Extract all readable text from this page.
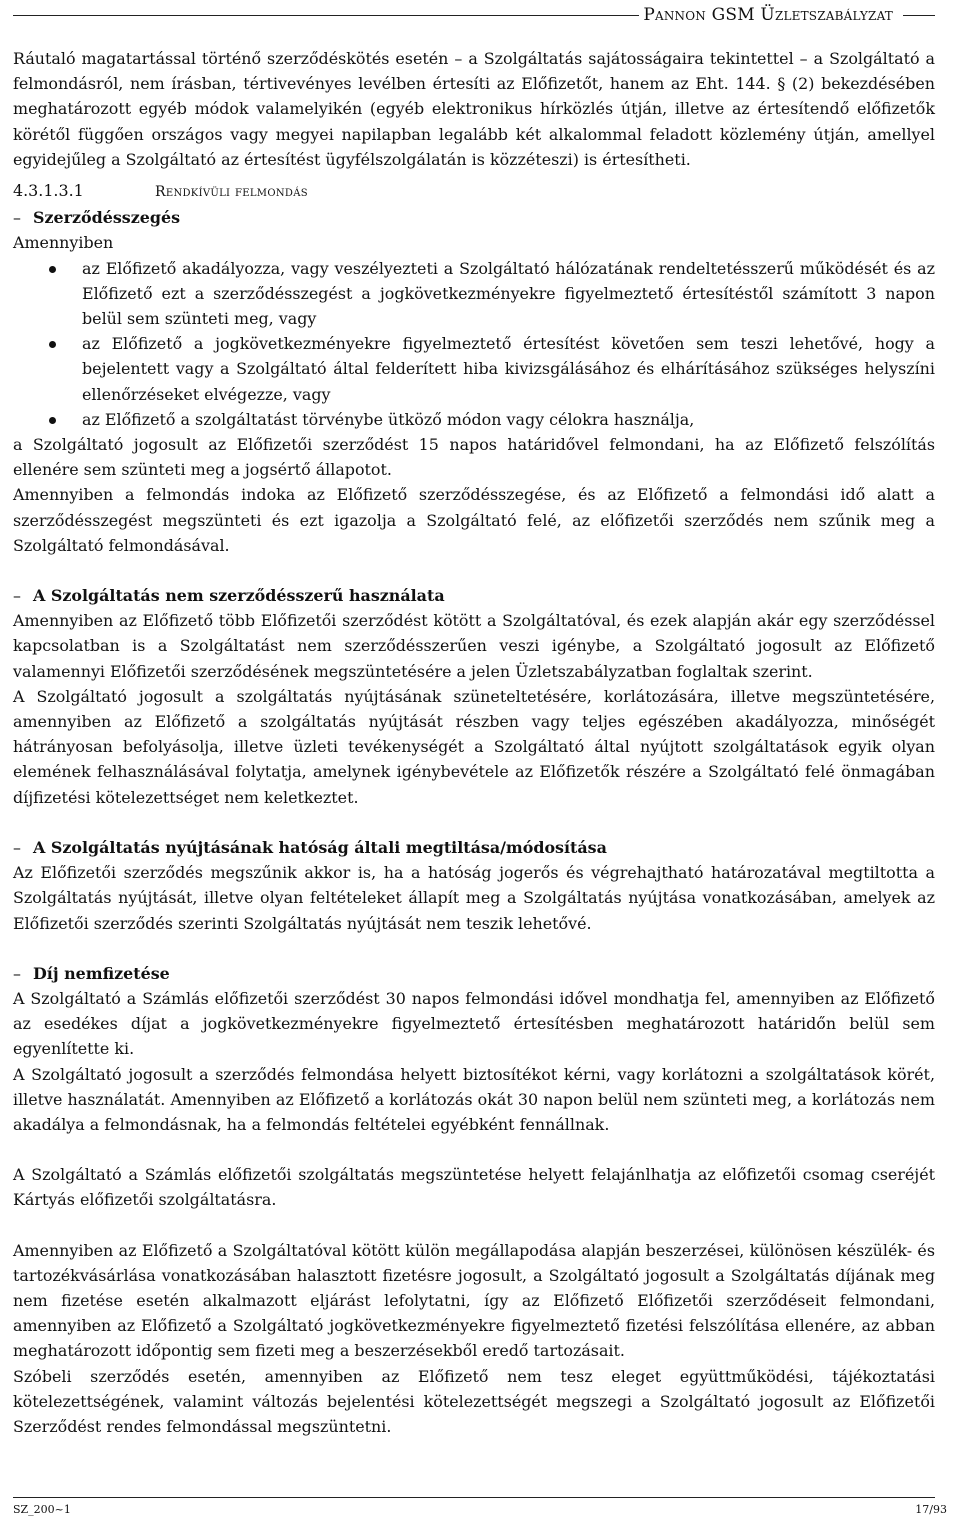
Pannon GSM Üzletszabályzat

Ráutaló magatartással történő szerződéskötés esetén – a Szolgáltatás sajátosságaira tekintettel – a Szolgáltató a felmondásról, nem írásban, tértivevényes levélben értesíti az Előfizetőt, hanem az Eht. 144. § (2) bekezdésében meghatározott egyéb módok valamelyikén (egyéb elektronikus hírközlés útján, illetve az értesítendő előfizetők körétől függően országos vagy megyei napilapban legalább két alkalommal feladott közlemény útján, amellyel egyidejűleg a Szolgáltató az értesítést ügyfélszolgálatán is közzéteszi) is értesítheti.

4.3.1.3.1	Rendkívüli felmondás

– Szerződésszegés

Amennyiben

az Előfizető akadályozza, vagy veszélyezteti a Szolgáltató hálózatának rendeltetésszerű működését és az Előfizető ezt a szerződésszegést a jogkövetkezményekre figyelmeztető értesítéstől számított 3 napon belül sem szünteti meg, vagy
az Előfizető a jogkövetkezményekre figyelmeztető értesítést követően sem teszi lehetővé, hogy a bejelentett vagy a Szolgáltató által felderített hiba kivizsgálásához és elhárításához szükséges helyszíni ellenőrzéseket elvégezze, vagy
az Előfizető a szolgáltatást törvénybe ütköző módon vagy célokra használja,

a Szolgáltató jogosult az Előfizetői szerződést 15 napos határidővel felmondani, ha az Előfizető felszólítás ellenére sem szünteti meg a jogsértő állapotot.

Amennyiben a felmondás indoka az Előfizető szerződésszegése, és az Előfizető a felmondási idő alatt a szerződésszegést megszünteti és ezt igazolja a Szolgáltató felé, az előfizetői szerződés nem szűnik meg a Szolgáltató felmondásával.

– A Szolgáltatás nem szerződésszerű használata

Amennyiben az Előfizető több Előfizetői szerződést kötött a Szolgáltatóval, és ezek alapján akár egy szerződéssel kapcsolatban is a Szolgáltatást nem szerződésszerűen veszi igénybe, a Szolgáltató jogosult az Előfizető valamennyi Előfizetői szerződésének megszüntetésére a jelen Üzletszabályzatban foglaltak szerint.

A Szolgáltató jogosult a szolgáltatás nyújtásának szüneteltetésére, korlátozására, illetve megszüntetésére, amennyiben az Előfizető a szolgáltatás nyújtását részben vagy teljes egészében akadályozza, minőségét hátrányosan befolyásolja, illetve üzleti tevékenységét a Szolgáltató által nyújtott szolgáltatások egyik olyan elemének felhasználásával folytatja, amelynek igénybevétele az Előfizetők részére a Szolgáltató felé önmagában díjfizetési kötelezettséget nem keletkeztet.

– A Szolgáltatás nyújtásának hatóság általi megtiltása/módosítása

Az Előfizetői szerződés megszűnik akkor is, ha a hatóság jogerős és végrehajtható határozatával megtiltotta a Szolgáltatás nyújtását, illetve olyan feltételeket állapít meg a Szolgáltatás nyújtása vonatkozásában, amelyek az Előfizetői szerződés szerinti Szolgáltatás nyújtását nem teszik lehetővé.

– Díj nemfizetése

A Szolgáltató a Számlás előfizetői szerződést 30 napos felmondási idővel mondhatja fel, amennyiben az Előfizető az esedékes díjat a jogkövetkezményekre figyelmeztető értesítésben meghatározott határidőn belül sem egyenlítette ki.

A Szolgáltató jogosult a szerződés felmondása helyett biztosítékot kérni, vagy korlátozni a szolgáltatások körét, illetve használatát. Amennyiben az Előfizető a korlátozás okát 30 napon belül nem szünteti meg, a korlátozás nem akadálya a felmondásnak, ha a felmondás feltételei egyébként fennállnak.

A Szolgáltató a Számlás előfizetői szolgáltatás megszüntetése helyett felajánlhatja az előfizetői csomag cseréjét Kártyás előfizetői szolgáltatásra.

Amennyiben az Előfizető a Szolgáltatóval kötött külön megállapodása alapján beszerzései, különösen készülék- és tartozékvásárlása vonatkozásában halasztott fizetésre jogosult, a Szolgáltató jogosult a Szolgáltatás díjának meg nem fizetése esetén alkalmazott eljárást lefolytatni, így az Előfizető Előfizetői szerződéseit felmondani, amennyiben az Előfizető a Szolgáltató jogkövetkezményekre figyelmeztető fizetési felszólítása ellenére, az abban meghatározott időpontig sem fizeti meg a beszerzésekből eredő tartozásait.

Szóbeli szerződés esetén, amennyiben az Előfizető nem tesz eleget együttműködési, tájékoztatási kötelezettségének, valamint változás bejelentési kötelezettségét megszegi a Szolgáltató jogosult az Előfizetői Szerződést rendes felmondással megszüntetni.

SZ_200~1	17/93
